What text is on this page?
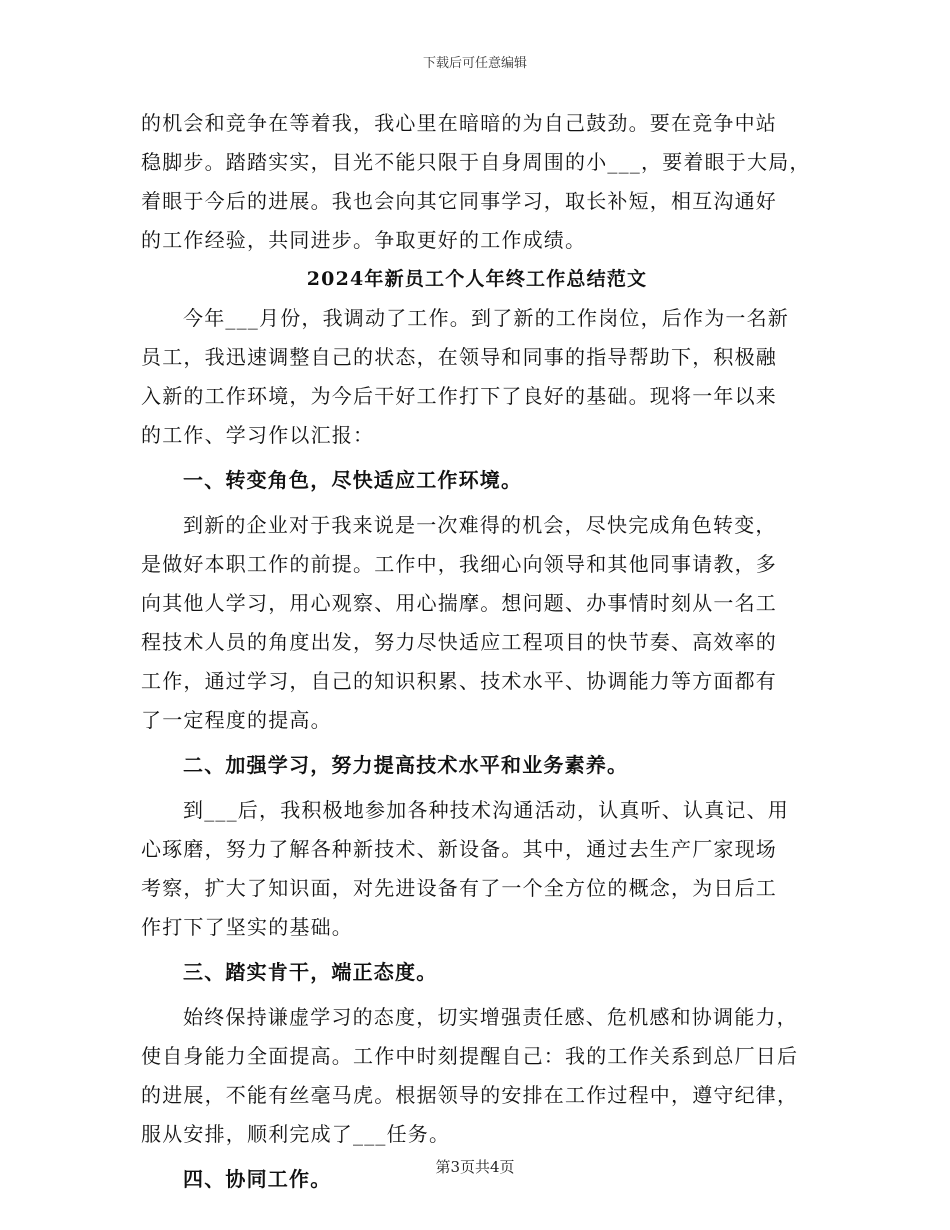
下载后可任意编辑
的机会和竞争在等着我，我心里在暗暗的为自己鼓劲。要在竞争中站
稳脚步。踏踏实实，目光不能只限于自身周围的小___，要着眼于大局，
着眼于今后的进展。我也会向其它同事学习，取长补短，相互沟通好
的工作经验，共同进步。争取更好的工作成绩。
2024年新员工个人年终工作总结范文
今年___月份，我调动了工作。到了新的工作岗位，后作为一名新
员工，我迅速调整自己的状态，在领导和同事的指导帮助下，积极融
入新的工作环境，为今后干好工作打下了良好的基础。现将一年以来
的工作、学习作以汇报：
一、转变角色，尽快适应工作环境。
到新的企业对于我来说是一次难得的机会，尽快完成角色转变，
是做好本职工作的前提。工作中，我细心向领导和其他同事请教，多
向其他人学习，用心观察、用心揣摩。想问题、办事情时刻从一名工
程技术人员的角度出发，努力尽快适应工程项目的快节奏、高效率的
工作，通过学习，自己的知识积累、技术水平、协调能力等方面都有
了一定程度的提高。
二、加强学习，努力提高技术水平和业务素养。
到___后，我积极地参加各种技术沟通活动，认真听、认真记、用
心琢磨，努力了解各种新技术、新设备。其中，通过去生产厂家现场
考察，扩大了知识面，对先进设备有了一个全方位的概念，为日后工
作打下了坚实的基础。
三、踏实肯干，端正态度。
始终保持谦虚学习的态度，切实增强责任感、危机感和协调能力，
使自身能力全面提高。工作中时刻提醒自己：我的工作关系到总厂日后
的进展，不能有丝毫马虎。根据领导的安排在工作过程中，遵守纪律，
服从安排，顺利完成了___任务。
四、协同工作。	第3页共4页
